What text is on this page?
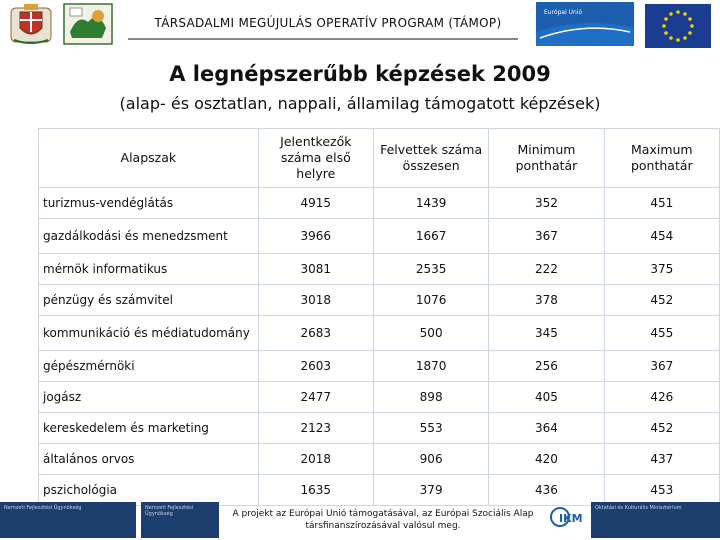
TÁRSADALMI MEGÚJULÁS OPERATÍV PROGRAM (TÁMOP)
Európai Unió
A legnépszerűbb képzések 2009
(alap- és osztatlan, nappali, államilag támogatott képzések)
Alapszak	Jelentkezők száma első helyre	Felvettek száma összesen	Minimum ponthatár	Maximum ponthatár
turizmus-vendéglátás	4915	1439	352	451
gazdálkodási és menedzsment	3966	1667	367	454
mérnök informatikus	3081	2535	222	375
pénzügy és számvitel	3018	1076	378	452
kommunikáció és médiatudomány	2683	500	345	455
gépészmérnöki	2603	1870	256	367
jogász	2477	898	405	426
kereskedelem és marketing	2123	553	364	452
általános orvos	2018	906	420	437
pszichológia	1635	379	436	453
Nemzeti Fejlesztési Ügynökség	Nemzeti Fejlesztési Ügynökség	A projekt az Európai Unió támogatásával, az Európai Szociális Alap társfinanszírozásával valósul meg.
IKM
Oktatási és Kulturális Minisztérium
